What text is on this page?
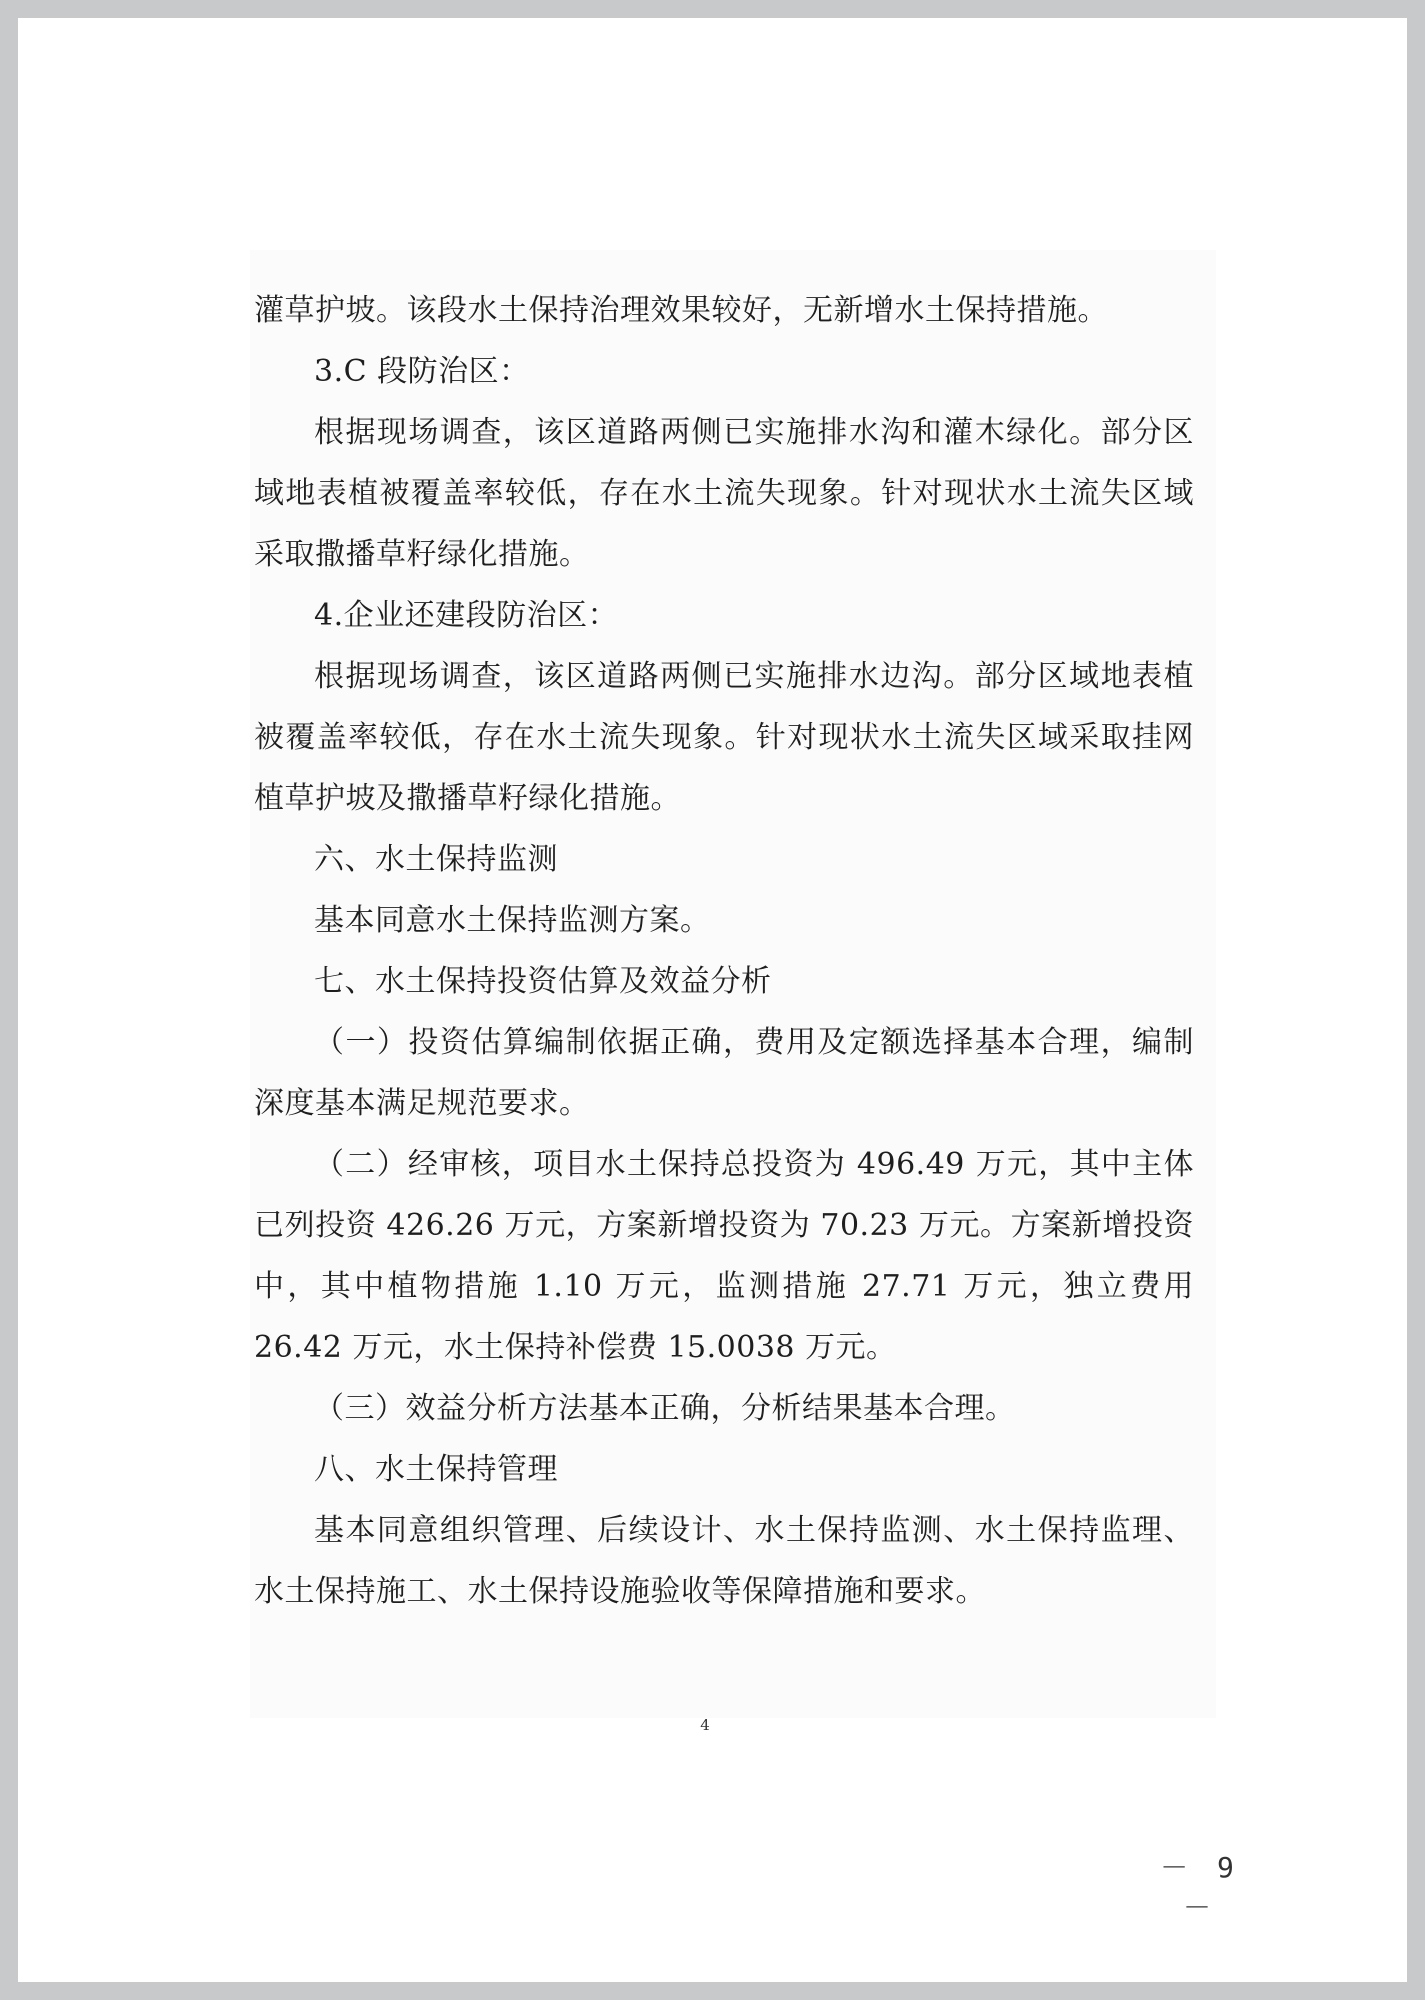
灌草护坡。该段水土保持治理效果较好，无新增水土保持措施。

3.C 段防治区：

根据现场调查，该区道路两侧已实施排水沟和灌木绿化。部分区域地表植被覆盖率较低，存在水土流失现象。针对现状水土流失区域采取撒播草籽绿化措施。

4.企业还建段防治区：

根据现场调查，该区道路两侧已实施排水边沟。部分区域地表植被覆盖率较低，存在水土流失现象。针对现状水土流失区域采取挂网植草护坡及撒播草籽绿化措施。

六、水土保持监测

基本同意水土保持监测方案。

七、水土保持投资估算及效益分析

（一）投资估算编制依据正确，费用及定额选择基本合理，编制深度基本满足规范要求。

（二）经审核，项目水土保持总投资为 496.49 万元，其中主体已列投资 426.26 万元，方案新增投资为 70.23 万元。方案新增投资中，其中植物措施 1.10 万元，监测措施 27.71 万元，独立费用 26.42 万元，水土保持补偿费 15.0038 万元。

（三）效益分析方法基本正确，分析结果基本合理。

八、水土保持管理

基本同意组织管理、后续设计、水土保持监测、水土保持监理、水土保持施工、水土保持设施验收等保障措施和要求。

4
－ 9 －
